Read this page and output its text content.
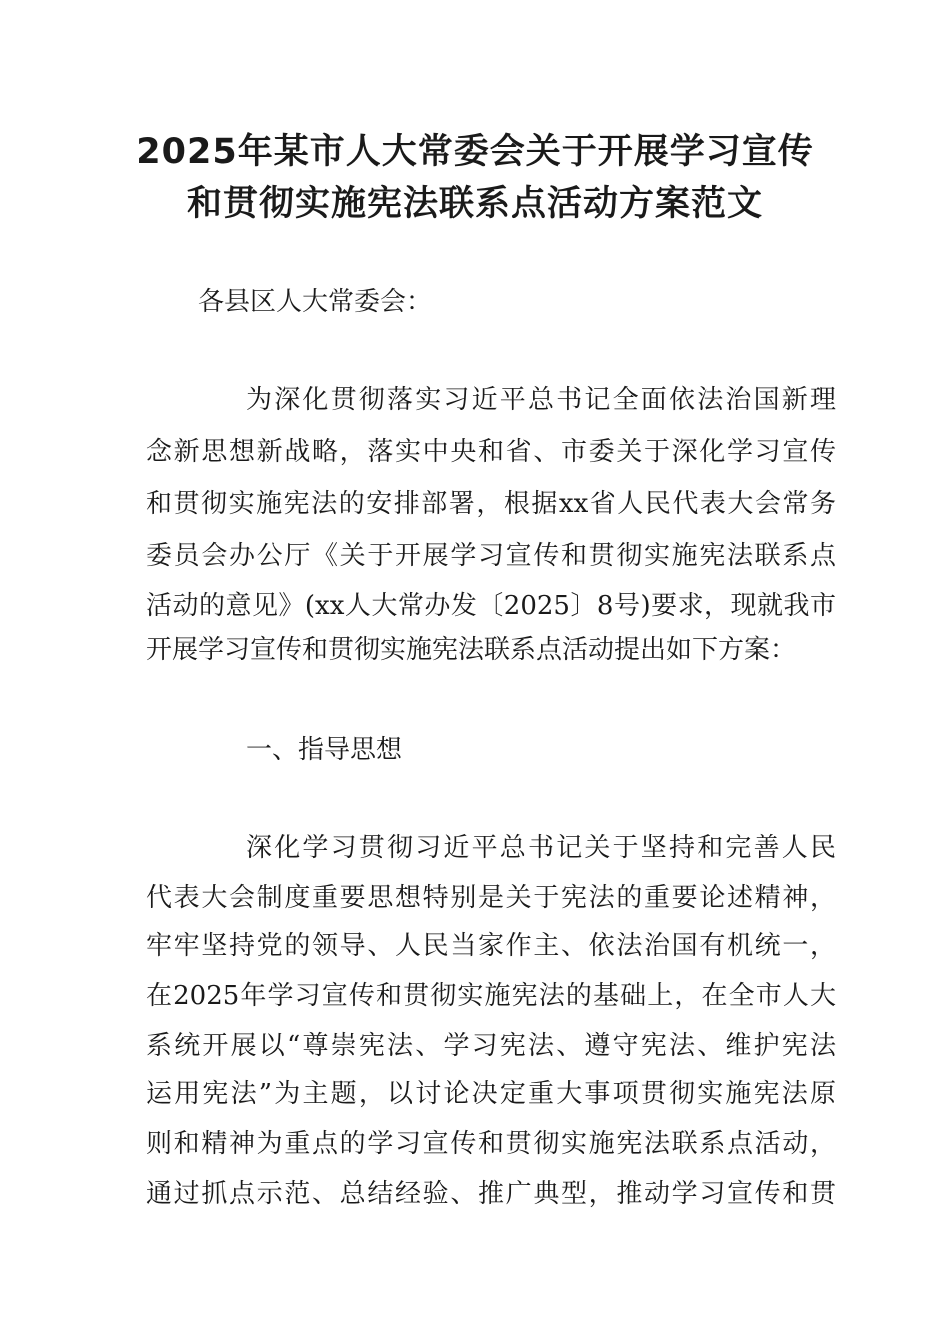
2025年某市人大常委会关于开展学习宣传
和贯彻实施宪法联系点活动方案范文
各县区人大常委会：
为深化贯彻落实习近平总书记全面依法治国新理
念新思想新战略，落实中央和省、市委关于深化学习宣传
和贯彻实施宪法的安排部署，根据xx省人民代表大会常务
委员会办公厅《关于开展学习宣传和贯彻实施宪法联系点
活动的意见》(xx人大常办发〔2025〕8号)要求，现就我市
开展学习宣传和贯彻实施宪法联系点活动提出如下方案：
一、指导思想
深化学习贯彻习近平总书记关于坚持和完善人民
代表大会制度重要思想特别是关于宪法的重要论述精神，
牢牢坚持党的领导、人民当家作主、依法治国有机统一，
在2025年学习宣传和贯彻实施宪法的基础上，在全市人大
系统开展以“尊崇宪法、学习宪法、遵守宪法、维护宪法
运用宪法”为主题，以讨论决定重大事项贯彻实施宪法原
则和精神为重点的学习宣传和贯彻实施宪法联系点活动，
通过抓点示范、总结经验、推广典型，推动学习宣传和贯
